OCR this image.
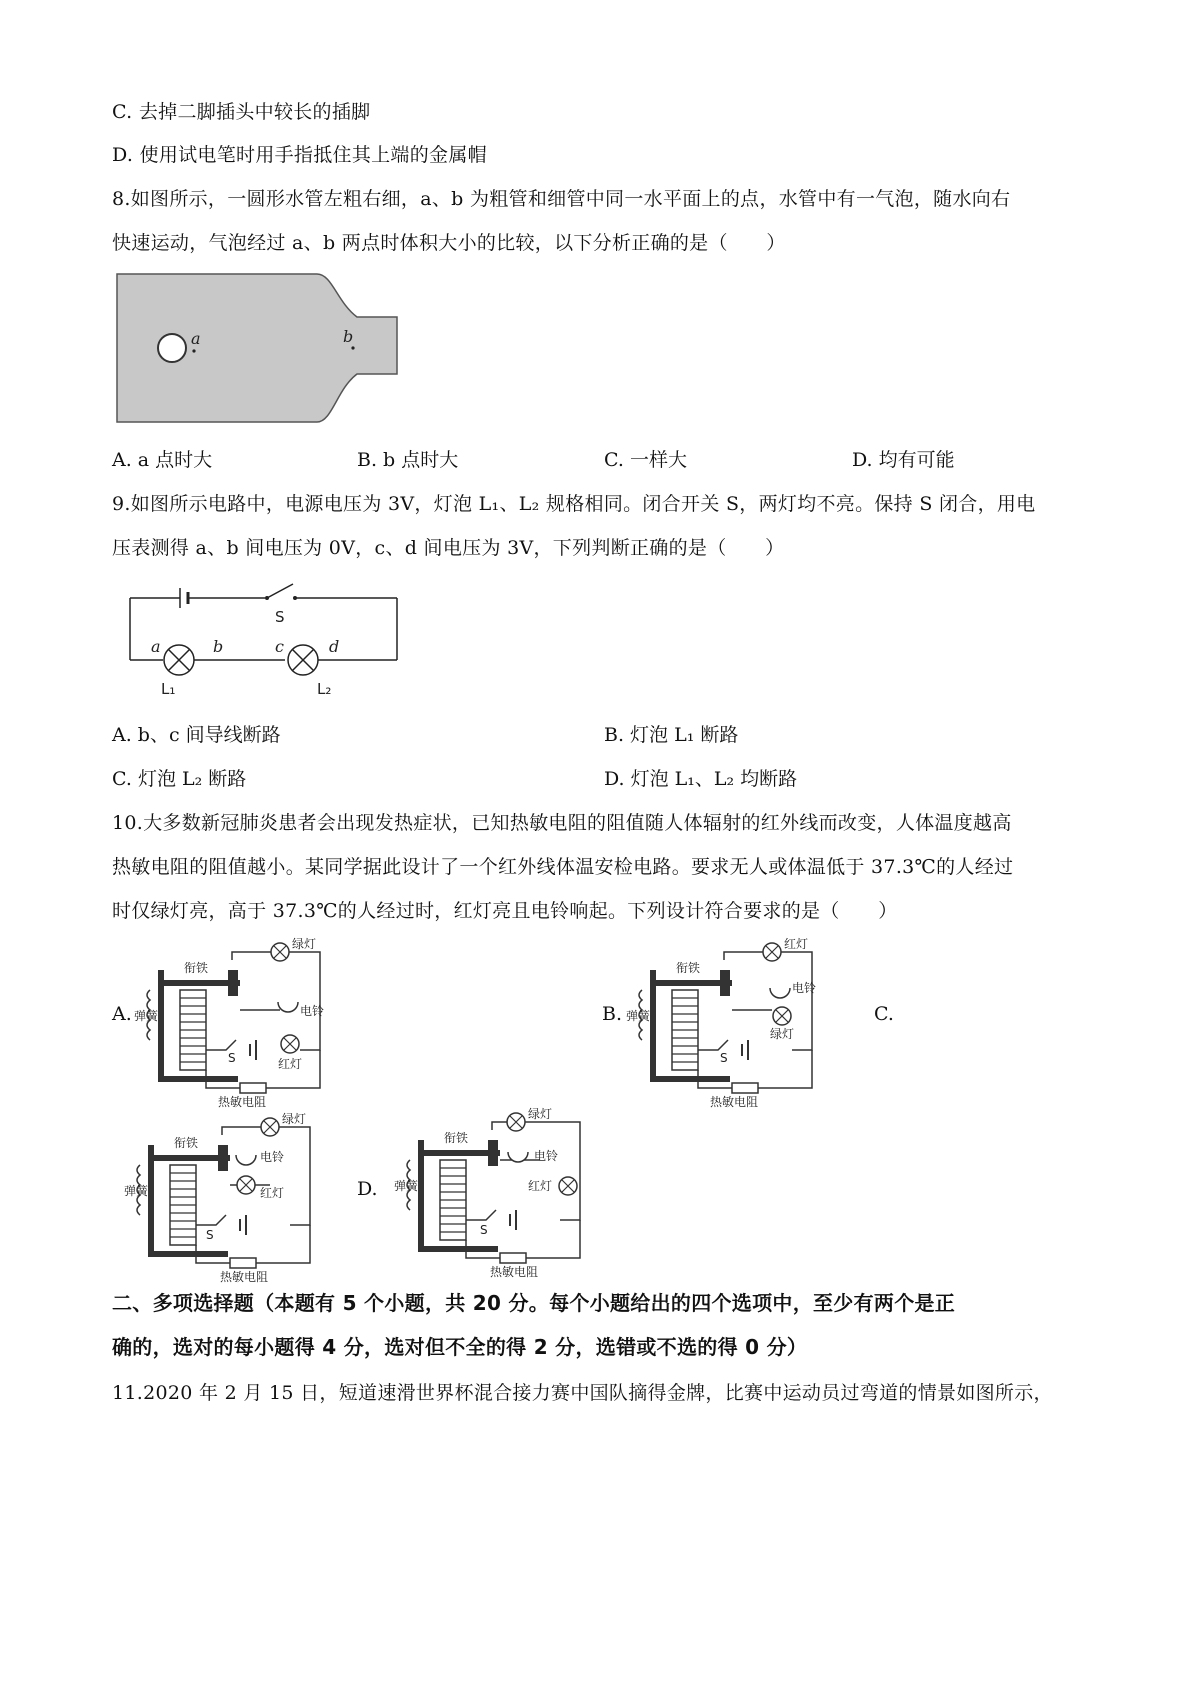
C. 去掉二脚插头中较长的插脚
D. 使用试电笔时用手指抵住其上端的金属帽
8.如图所示，一圆形水管左粗右细，a、b 为粗管和细管中同一水平面上的点，水管中有一气泡，随水向右
快速运动，气泡经过 a、b 两点时体积大小的比较，以下分析正确的是（　　）
a	b
A. a 点时大	B. b 点时大	C. 一样大	D. 均有可能
9.如图所示电路中，电源电压为 3V，灯泡 L₁、L₂ 规格相同。闭合开关 S，两灯均不亮。保持 S 闭合，用电
压表测得 a、b 间电压为 0V，c、d 间电压为 3V，下列判断正确的是（　　）
S
a	b	c	d
L₁	L₂
A. b、c 间导线断路	B. 灯泡 L₁ 断路
C. 灯泡 L₂ 断路	D. 灯泡 L₁、L₂ 均断路
10.大多数新冠肺炎患者会出现发热症状，已知热敏电阻的阻值随人体辐射的红外线而改变，人体温度越高
热敏电阻的阻值越小。某同学据此设计了一个红外线体温安检电路。要求无人或体温低于 37.3℃的人经过
时仅绿灯亮，高于 37.3℃的人经过时，红灯亮且电铃响起。下列设计符合要求的是（　　）
A.	B.	C.
D.
弹簧
衔铁
绿灯
电铃
红灯
S
热敏电阻
弹簧
衔铁
红灯
电铃
绿灯
S
热敏电阻
弹簧
衔铁
绿灯
电铃
红灯
S
热敏电阻
弹簧
衔铁
绿灯
电铃
红灯
S
热敏电阻
二、多项选择题（本题有 5 个小题，共 20 分。每个小题给出的四个选项中，至少有两个是正
确的，选对的每小题得 4 分，选对但不全的得 2 分，选错或不选的得 0 分）
11.2020 年 2 月 15 日，短道速滑世界杯混合接力赛中国队摘得金牌，比赛中运动员过弯道的情景如图所示，
